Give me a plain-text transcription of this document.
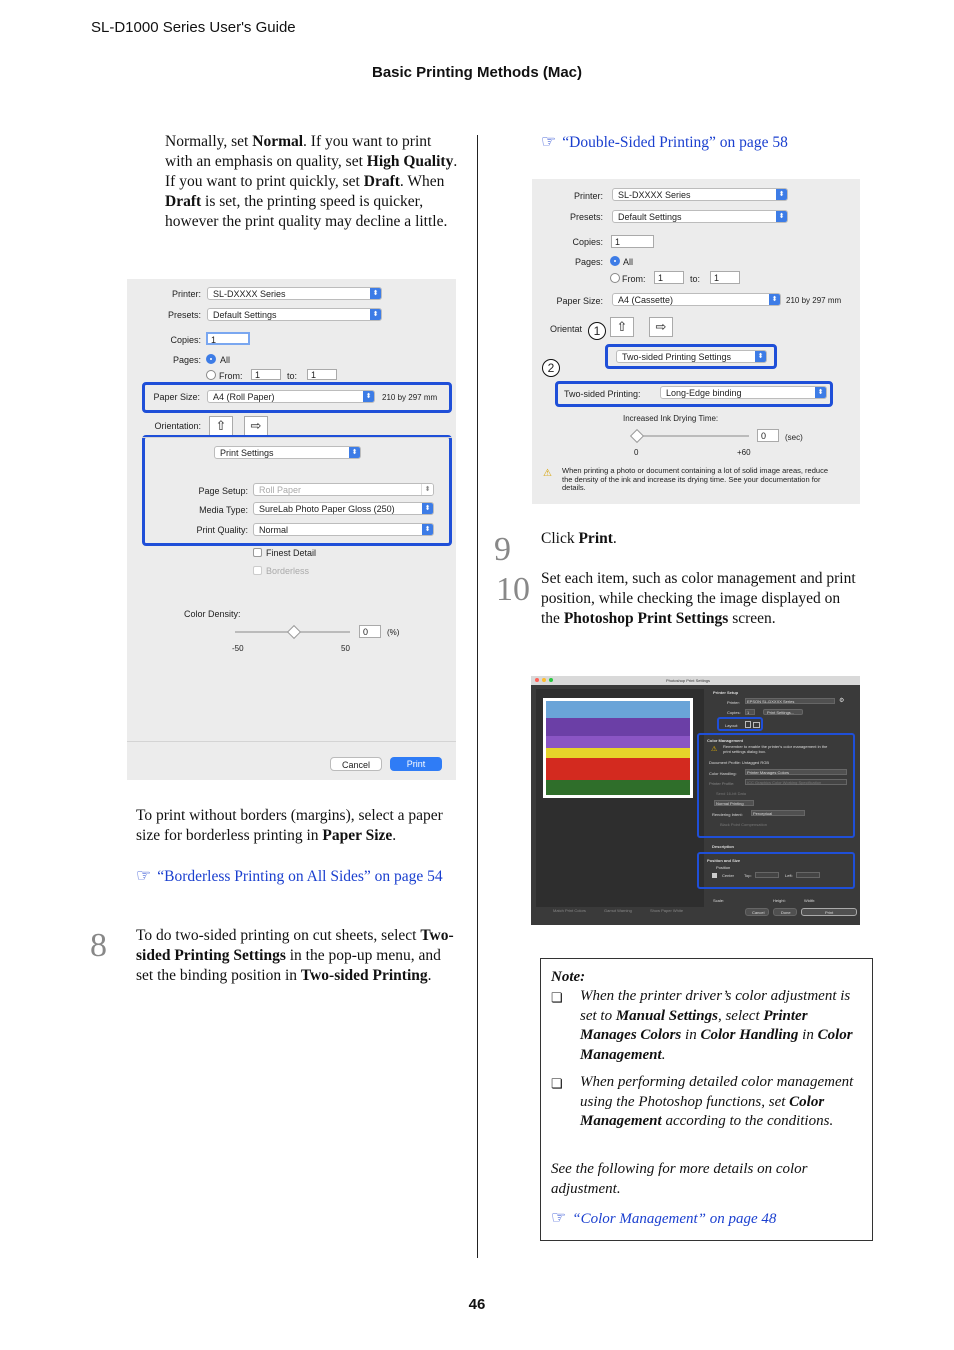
SL-D1000 Series User's Guide
Basic Printing Methods (Mac)
Normally, set Normal. If you want to print with an emphasis on quality, set High Quality. If you want to print quickly, set Draft. When Draft is set, the printing speed is quicker, however the print quality may decline a little.
Printer:	SL-DXXXX Series	⬍
Presets:	Default Settings	⬍
Copies:	1
Pages: All
From:	1	to:	1
Paper Size:	A4 (Roll Paper)	⬍	210 by 297 mm
Orientation:	⇧	⇨
Print Settings	⬍
Page Setup:	Roll Paper	⬍
Media Type:	SureLab Photo Paper Gloss (250)	⬍
Print Quality:	Normal	⬍
Finest Detail
Borderless
Color Density:
0	(%)
-50	50
Cancel	Print
To print without borders (margins), select a paper size for borderless printing in Paper Size.
☞ “Borderless Printing on All Sides” on page 54
8 To do two-sided printing on cut sheets, select Two-sided Printing Settings in the pop-up menu, and set the binding position in Two-sided Printing.
☞ “Double-Sided Printing” on page 58
Printer:	SL-DXXXX Series	⬍
Presets:	Default Settings	⬍
Copies:	1
Pages: All
From:	1	to:	1
Paper Size:	A4 (Cassette)	⬍	210 by 297 mm
Orientat 1	⇧	⇨
Two-sided Printing Settings	⬍
2
Two-sided Printing:	Long-Edge binding	⬍
Increased Ink Drying Time:
0	(sec)
0	+60
⚠ When printing a photo or document containing a lot of solid image areas, reduce the density of the ink and increase its drying time. See your documentation for details.
9 Click Print.
10 Set each item, such as color management and print position, while checking the image displayed on the Photoshop Print Settings screen.
Photoshop Print Settings
Printer Setup
Printer: EPSON SL-DXXXX Series	⚙
Copies: 1	Print Settings...
Layout:
Color Management
⚠ Remember to enable the printer's color management in the print settings dialog box.
Document Profile: Untagged RGB
Color Handling:	Printer Manages Colors
Printer Profile:	ICC Graphics Color Working Specification
Send 16-bit Data
Normal Printing
Rendering Intent:	Perceptual
Black Point Compensation
Description
Position and Size
Position
Center Top:	Left:
Scale:	Height:	Width:
Match Print Colors	Gamut Warning	Show Paper White	Cancel	Done	Print
Note:
❏ When the printer driver’s color adjustment is set to Manual Settings, select Printer Manages Colors in Color Handling in Color Management.
❏ When performing detailed color management using the Photoshop functions, set Color Management according to the conditions.
See the following for more details on color adjustment.
☞ “Color Management” on page 48
46
